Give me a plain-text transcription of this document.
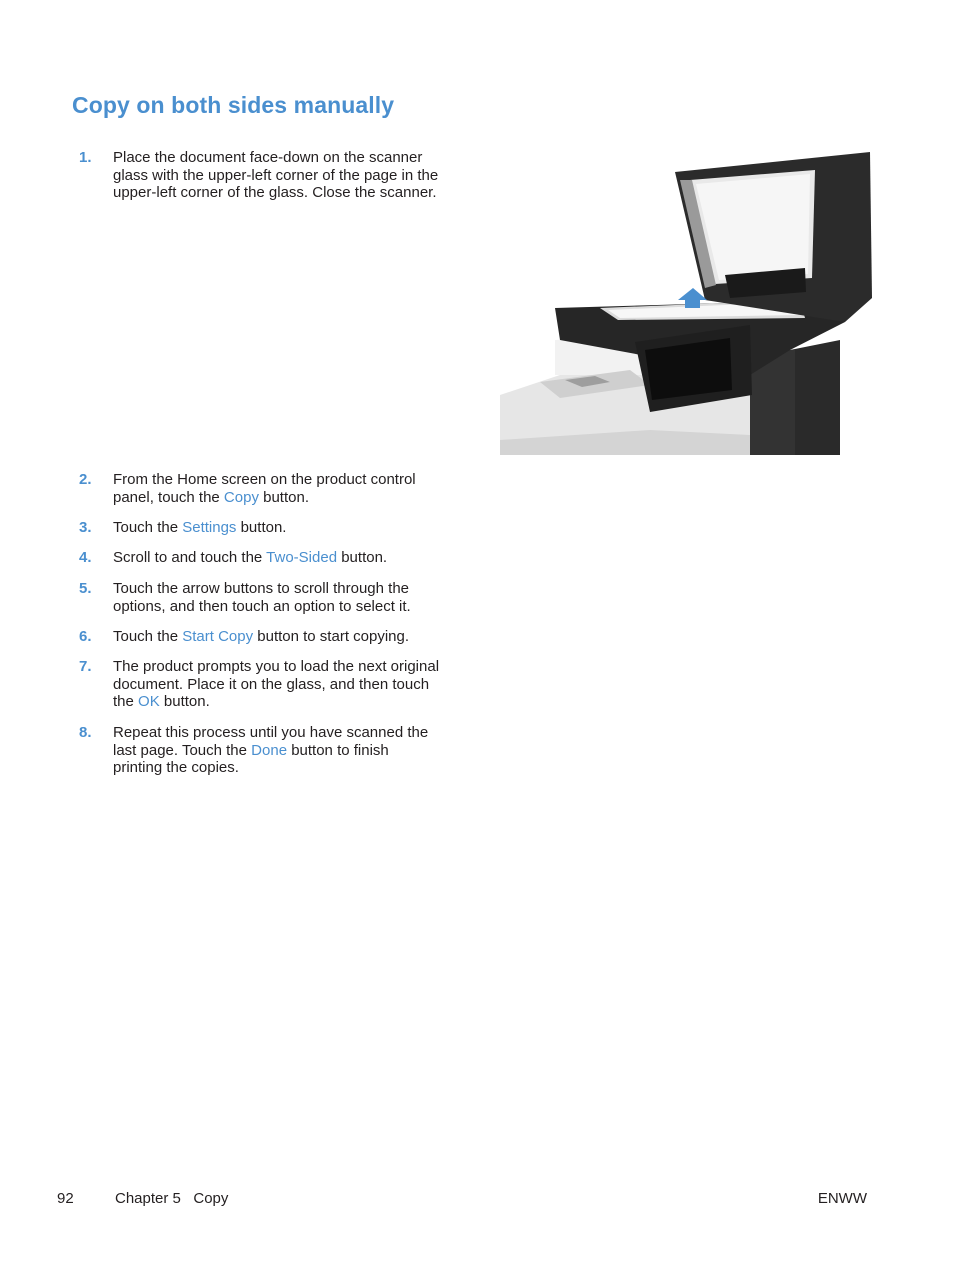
Copy on both sides manually
1.	Place the document face-down on the scanner glass with the upper-left corner of the page in the upper-left corner of the glass. Close the scanner.
2.	From the Home screen on the product control panel, touch the Copy button.
3.	Touch the Settings button.
4.	Scroll to and touch the Two-Sided button.
5.	Touch the arrow buttons to scroll through the options, and then touch an option to select it.
6.	Touch the Start Copy button to start copying.
7.	The product prompts you to load the next original document. Place it on the glass, and then touch the OK button.
8.	Repeat this process until you have scanned the last page. Touch the Done button to finish printing the copies.
92	Chapter 5   Copy	ENWW
